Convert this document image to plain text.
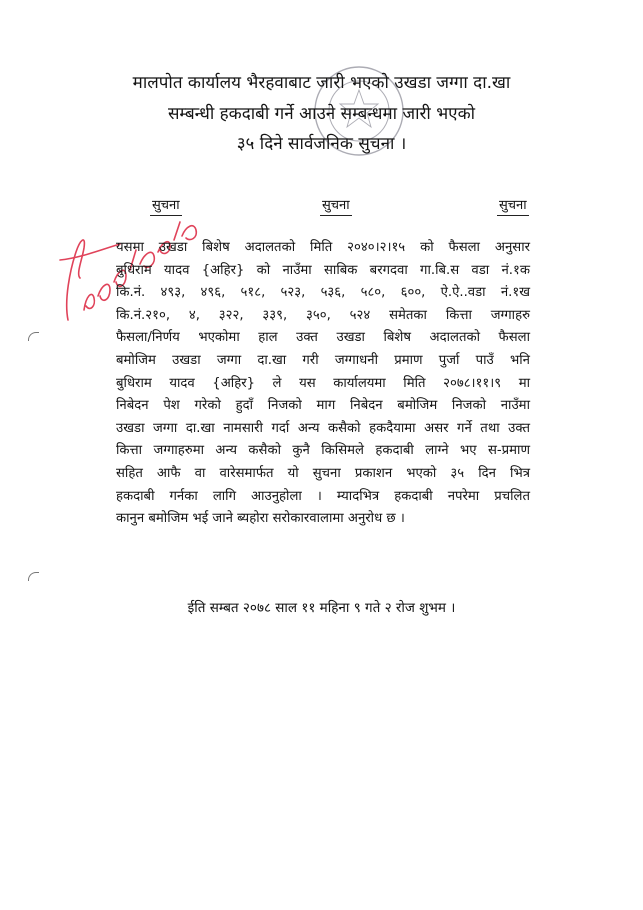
मालपोत कार्यालय भैरहवाबाट जारी भएको उखडा जग्गा दा.खा
सम्बन्धी हकदाबी गर्ने आउने सम्बन्धमा जारी भएको
३५ दिने सार्वजनिक सुचना ।
सुचना	सुचना	सुचना
यसमा उखडा बिशेष अदालतको मिति २०४०।२।१५ को फैसला अनुसार
बुधिराम यादव {अहिर} को नाउँमा साबिक बरगदवा गा.बि.स वडा नं.१क
कि.नं. ४९३, ४९६, ५१८, ५२३, ५३६, ५८०, ६००, ऐ.ऐ..वडा नं.१ख
कि.नं.२१०, ४, ३२२, ३३९, ३५०, ५२४ समेतका कित्ता जग्गाहरु
फैसला/निर्णय भएकोमा हाल उक्त उखडा बिशेष अदालतको फैसला
बमोजिम उखडा जग्गा दा.खा गरी जग्गाधनी प्रमाण पुर्जा पाउँ भनि
बुधिराम यादव {अहिर} ले यस कार्यालयमा मिति २०७८।११।९ मा
निबेदन पेश गरेको हुदाँ निजको माग निबेदन बमोजिम निजको नाउँमा
उखडा जग्गा दा.खा नामसारी गर्दा अन्य कसैको हकदैयामा असर गर्ने तथा उक्त
कित्ता जग्गाहरुमा अन्य कसैको कुनै किसिमले हकदाबी लाग्ने भए स-प्रमाण
सहित आफै वा वारेसमार्फत यो सुचना प्रकाशन भएको ३५ दिन भित्र
हकदाबी गर्नका लागि आउनुहोला । म्यादभित्र हकदाबी नपरेमा प्रचलित
कानुन बमोजिम भई जाने ब्यहोरा सरोकारवालामा अनुरोध छ ।
ईति सम्बत २०७८ साल ११ महिना ९ गते २ रोज शुभम ।
